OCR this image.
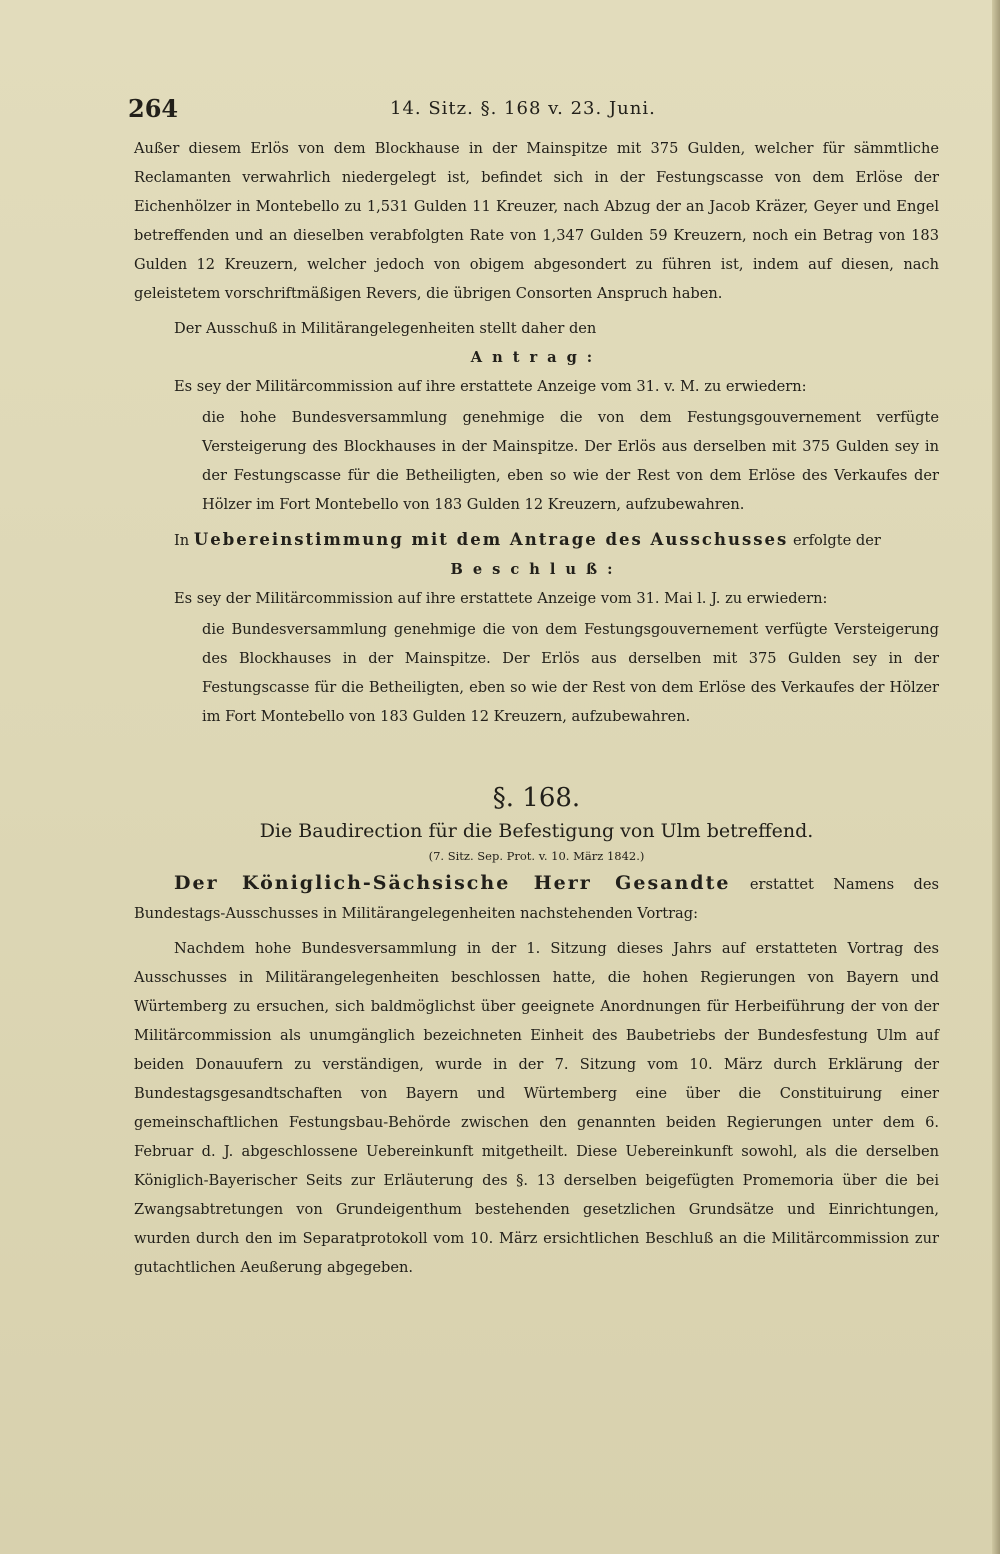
264	14. Sitz. §. 168 v. 23. Juni.

Außer diesem Erlös von dem Blockhause in der Mainspitze mit 375 Gulden, welcher für sämmtliche Reclamanten verwahrlich niedergelegt ist, befindet sich in der Festungscasse von dem Erlöse der Eichenhölzer in Montebello zu 1,531 Gulden 11 Kreuzer, nach Abzug der an Jacob Kräzer, Geyer und Engel betreffenden und an dieselben verabfolgten Rate von 1,347 Gulden 59 Kreuzern, noch ein Betrag von 183 Gulden 12 Kreuzern, welcher jedoch von obigem abgesondert zu führen ist, indem auf diesen, nach geleistetem vorschriftmäßigen Revers, die übrigen Consorten Anspruch haben.

Der Ausschuß in Militärangelegenheiten stellt daher den

Antrag:

Es sey der Militärcommission auf ihre erstattete Anzeige vom 31. v. M. zu erwiedern:

die hohe Bundesversammlung genehmige die von dem Festungsgouvernement verfügte Versteigerung des Blockhauses in der Mainspitze. Der Erlös aus derselben mit 375 Gulden sey in der Festungscasse für die Betheiligten, eben so wie der Rest von dem Erlöse des Verkaufes der Hölzer im Fort Montebello von 183 Gulden 12 Kreuzern, aufzubewahren.

In Uebereinstimmung mit dem Antrage des Ausschusses erfolgte der

Beschluß:

Es sey der Militärcommission auf ihre erstattete Anzeige vom 31. Mai l. J. zu erwiedern:

die Bundesversammlung genehmige die von dem Festungsgouvernement verfügte Versteigerung des Blockhauses in der Mainspitze. Der Erlös aus derselben mit 375 Gulden sey in der Festungscasse für die Betheiligten, eben so wie der Rest von dem Erlöse des Verkaufes der Hölzer im Fort Montebello von 183 Gulden 12 Kreuzern, aufzubewahren.

§. 168.

Die Baudirection für die Befestigung von Ulm betreffend.

(7. Sitz. Sep. Prot. v. 10. März 1842.)

Der Königlich-Sächsische Herr Gesandte erstattet Namens des Bundestags-Ausschusses in Militärangelegenheiten nachstehenden Vortrag:

Nachdem hohe Bundesversammlung in der 1. Sitzung dieses Jahrs auf erstatteten Vortrag des Ausschusses in Militärangelegenheiten beschlossen hatte, die hohen Regierungen von Bayern und Würtemberg zu ersuchen, sich baldmöglichst über geeignete Anordnungen für Herbeiführung der von der Militärcommission als unumgänglich bezeichneten Einheit des Baubetriebs der Bundesfestung Ulm auf beiden Donauufern zu verständigen, wurde in der 7. Sitzung vom 10. März durch Erklärung der Bundestagsgesandtschaften von Bayern und Würtemberg eine über die Constituirung einer gemeinschaftlichen Festungsbau-Behörde zwischen den genannten beiden Regierungen unter dem 6. Februar d. J. abgeschlossene Uebereinkunft mitgetheilt. Diese Uebereinkunft sowohl, als die derselben Königlich-Bayerischer Seits zur Erläuterung des §. 13 derselben beigefügten Promemoria über die bei Zwangsabtretungen von Grundeigenthum bestehenden gesetzlichen Grundsätze und Einrichtungen, wurden durch den im Separatprotokoll vom 10. März ersichtlichen Beschluß an die Militärcommission zur gutachtlichen Aeußerung abgegeben.
